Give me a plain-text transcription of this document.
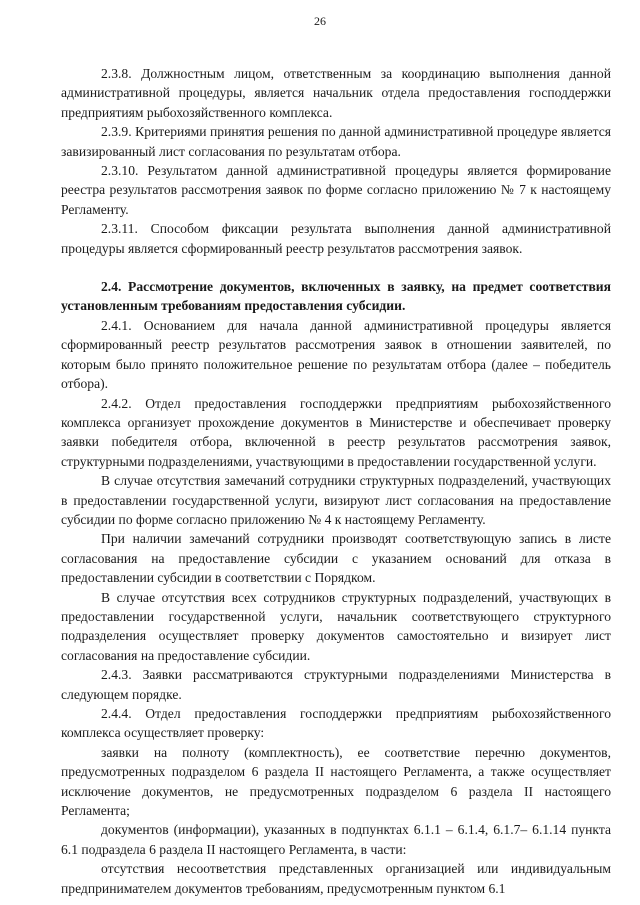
26

2.3.8. Должностным лицом, ответственным за координацию выполнения данной административной процедуры, является начальник отдела предоставления господдержки предприятиям рыбохозяйственного комплекса.

2.3.9. Критериями принятия решения по данной административной процедуре является завизированный лист согласования по результатам отбора.

2.3.10. Результатом данной административной процедуры является формирование реестра результатов рассмотрения заявок по форме согласно приложению № 7 к настоящему Регламенту.

2.3.11. Способом фиксации результата выполнения данной административной процедуры является сформированный реестр результатов рассмотрения заявок.

2.4. Рассмотрение документов, включенных в заявку, на предмет соответствия установленным требованиям предоставления субсидии.

2.4.1. Основанием для начала данной административной процедуры является сформированный реестр результатов рассмотрения заявок в отношении заявителей, по которым было принято положительное решение по результатам отбора (далее – победитель отбора).

2.4.2. Отдел предоставления господдержки предприятиям рыбохозяйственного комплекса организует прохождение документов в Министерстве и обеспечивает проверку заявки победителя отбора, включенной в реестр результатов рассмотрения заявок, структурными подразделениями, участвующими в предоставлении государственной услуги.

В случае отсутствия замечаний сотрудники структурных подразделений, участвующих в предоставлении государственной услуги, визируют лист согласования на предоставление субсидии по форме согласно приложению № 4 к настоящему Регламенту.

При наличии замечаний сотрудники производят соответствующую запись в листе согласования на предоставление субсидии с указанием оснований для отказа в предоставлении субсидии в соответствии с Порядком.

В случае отсутствия всех сотрудников структурных подразделений, участвующих в предоставлении государственной услуги, начальник соответствующего структурного подразделения осуществляет проверку документов самостоятельно и визирует лист согласования на предоставление субсидии.

2.4.3. Заявки рассматриваются структурными подразделениями Министерства в следующем порядке.

2.4.4. Отдел предоставления господдержки предприятиям рыбохозяйственного комплекса осуществляет проверку:

заявки на полноту (комплектность), ее соответствие перечню документов, предусмотренных подразделом 6 раздела II настоящего Регламента, а также осуществляет исключение документов, не предусмотренных подразделом 6 раздела II настоящего Регламента;

документов (информации), указанных в подпунктах 6.1.1 – 6.1.4, 6.1.7– 6.1.14 пункта 6.1 подраздела 6 раздела II настоящего Регламента, в части:

отсутствия несоответствия представленных организацией или индивидуальным предпринимателем документов требованиям, предусмотренным пунктом 6.1
